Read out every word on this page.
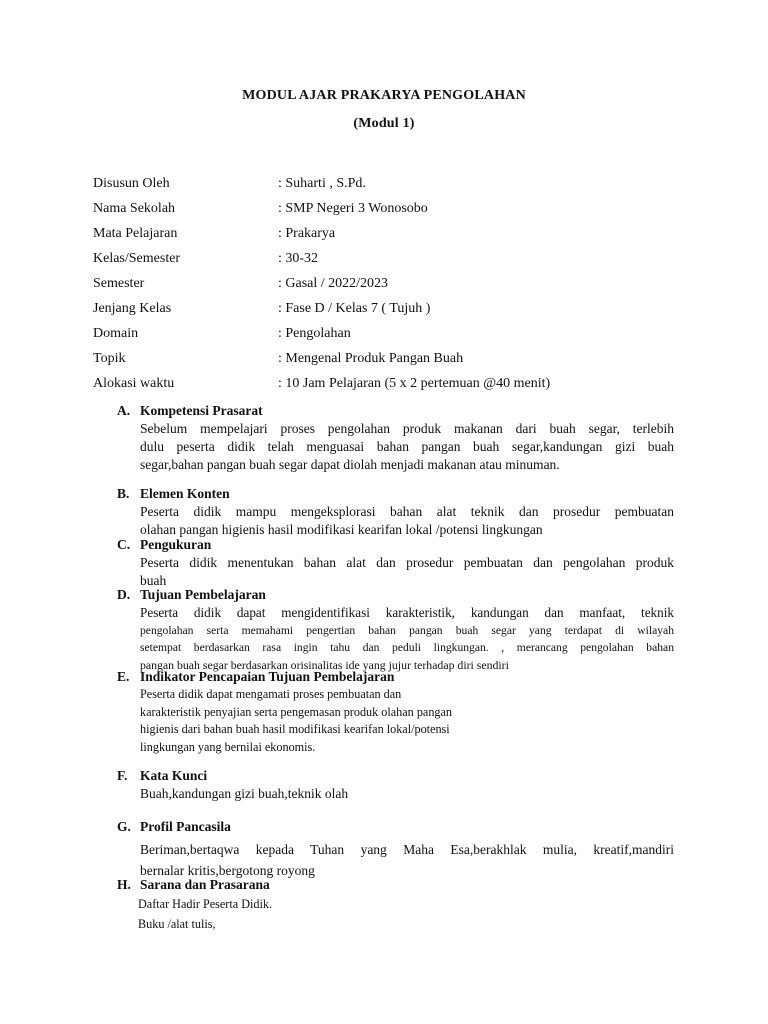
MODUL AJAR PRAKARYA PENGOLAHAN
(Modul 1)
Disusun Oleh	: Suharti , S.Pd.
Nama Sekolah	: SMP Negeri 3 Wonosobo
Mata Pelajaran	: Prakarya
Kelas/Semester	: 30-32
Semester	: Gasal / 2022/2023
Jenjang Kelas	: Fase D / Kelas 7 ( Tujuh )
Domain	: Pengolahan
Topik	: Mengenal Produk Pangan Buah
Alokasi waktu	: 10 Jam Pelajaran (5 x 2 pertemuan @40 menit)
A. Kompetensi Prasarat
Sebelum mempelajari proses pengolahan produk makanan dari buah segar, terlebih
dulu peserta didik telah menguasai bahan pangan buah segar,kandungan gizi buah
segar,bahan pangan buah segar dapat diolah menjadi makanan atau minuman.
B. Elemen Konten
Peserta didik mampu mengeksplorasi bahan alat teknik dan prosedur pembuatan
olahan pangan higienis hasil modifikasi kearifan lokal /potensi lingkungan
C. Pengukuran
Peserta didik menentukan bahan alat dan prosedur pembuatan dan pengolahan produk
buah
D. Tujuan Pembelajaran
Peserta didik dapat mengidentifikasi karakteristik, kandungan dan manfaat, teknik
pengolahan serta memahami pengertian bahan pangan buah segar yang terdapat di wilayah
setempat berdasarkan rasa ingin tahu dan peduli lingkungan. , merancang pengolahan bahan
pangan buah segar berdasarkan orisinalitas ide yang jujur terhadap diri sendiri
E. Indikator Pencapaian Tujuan Pembelajaran
Peserta didik dapat mengamati proses pembuatan dan
karakteristik penyajian serta pengemasan produk olahan pangan
higienis dari bahan buah hasil modifikasi kearifan lokal/potensi
lingkungan yang bernilai ekonomis.
F. Kata Kunci
Buah,kandungan gizi buah,teknik olah
G. Profil Pancasila
Beriman,bertaqwa kepada Tuhan yang Maha Esa,berakhlak mulia, kreatif,mandiri
bernalar kritis,bergotong royong
H. Sarana dan Prasarana
Daftar Hadir Peserta Didik.
Buku /alat tulis,
